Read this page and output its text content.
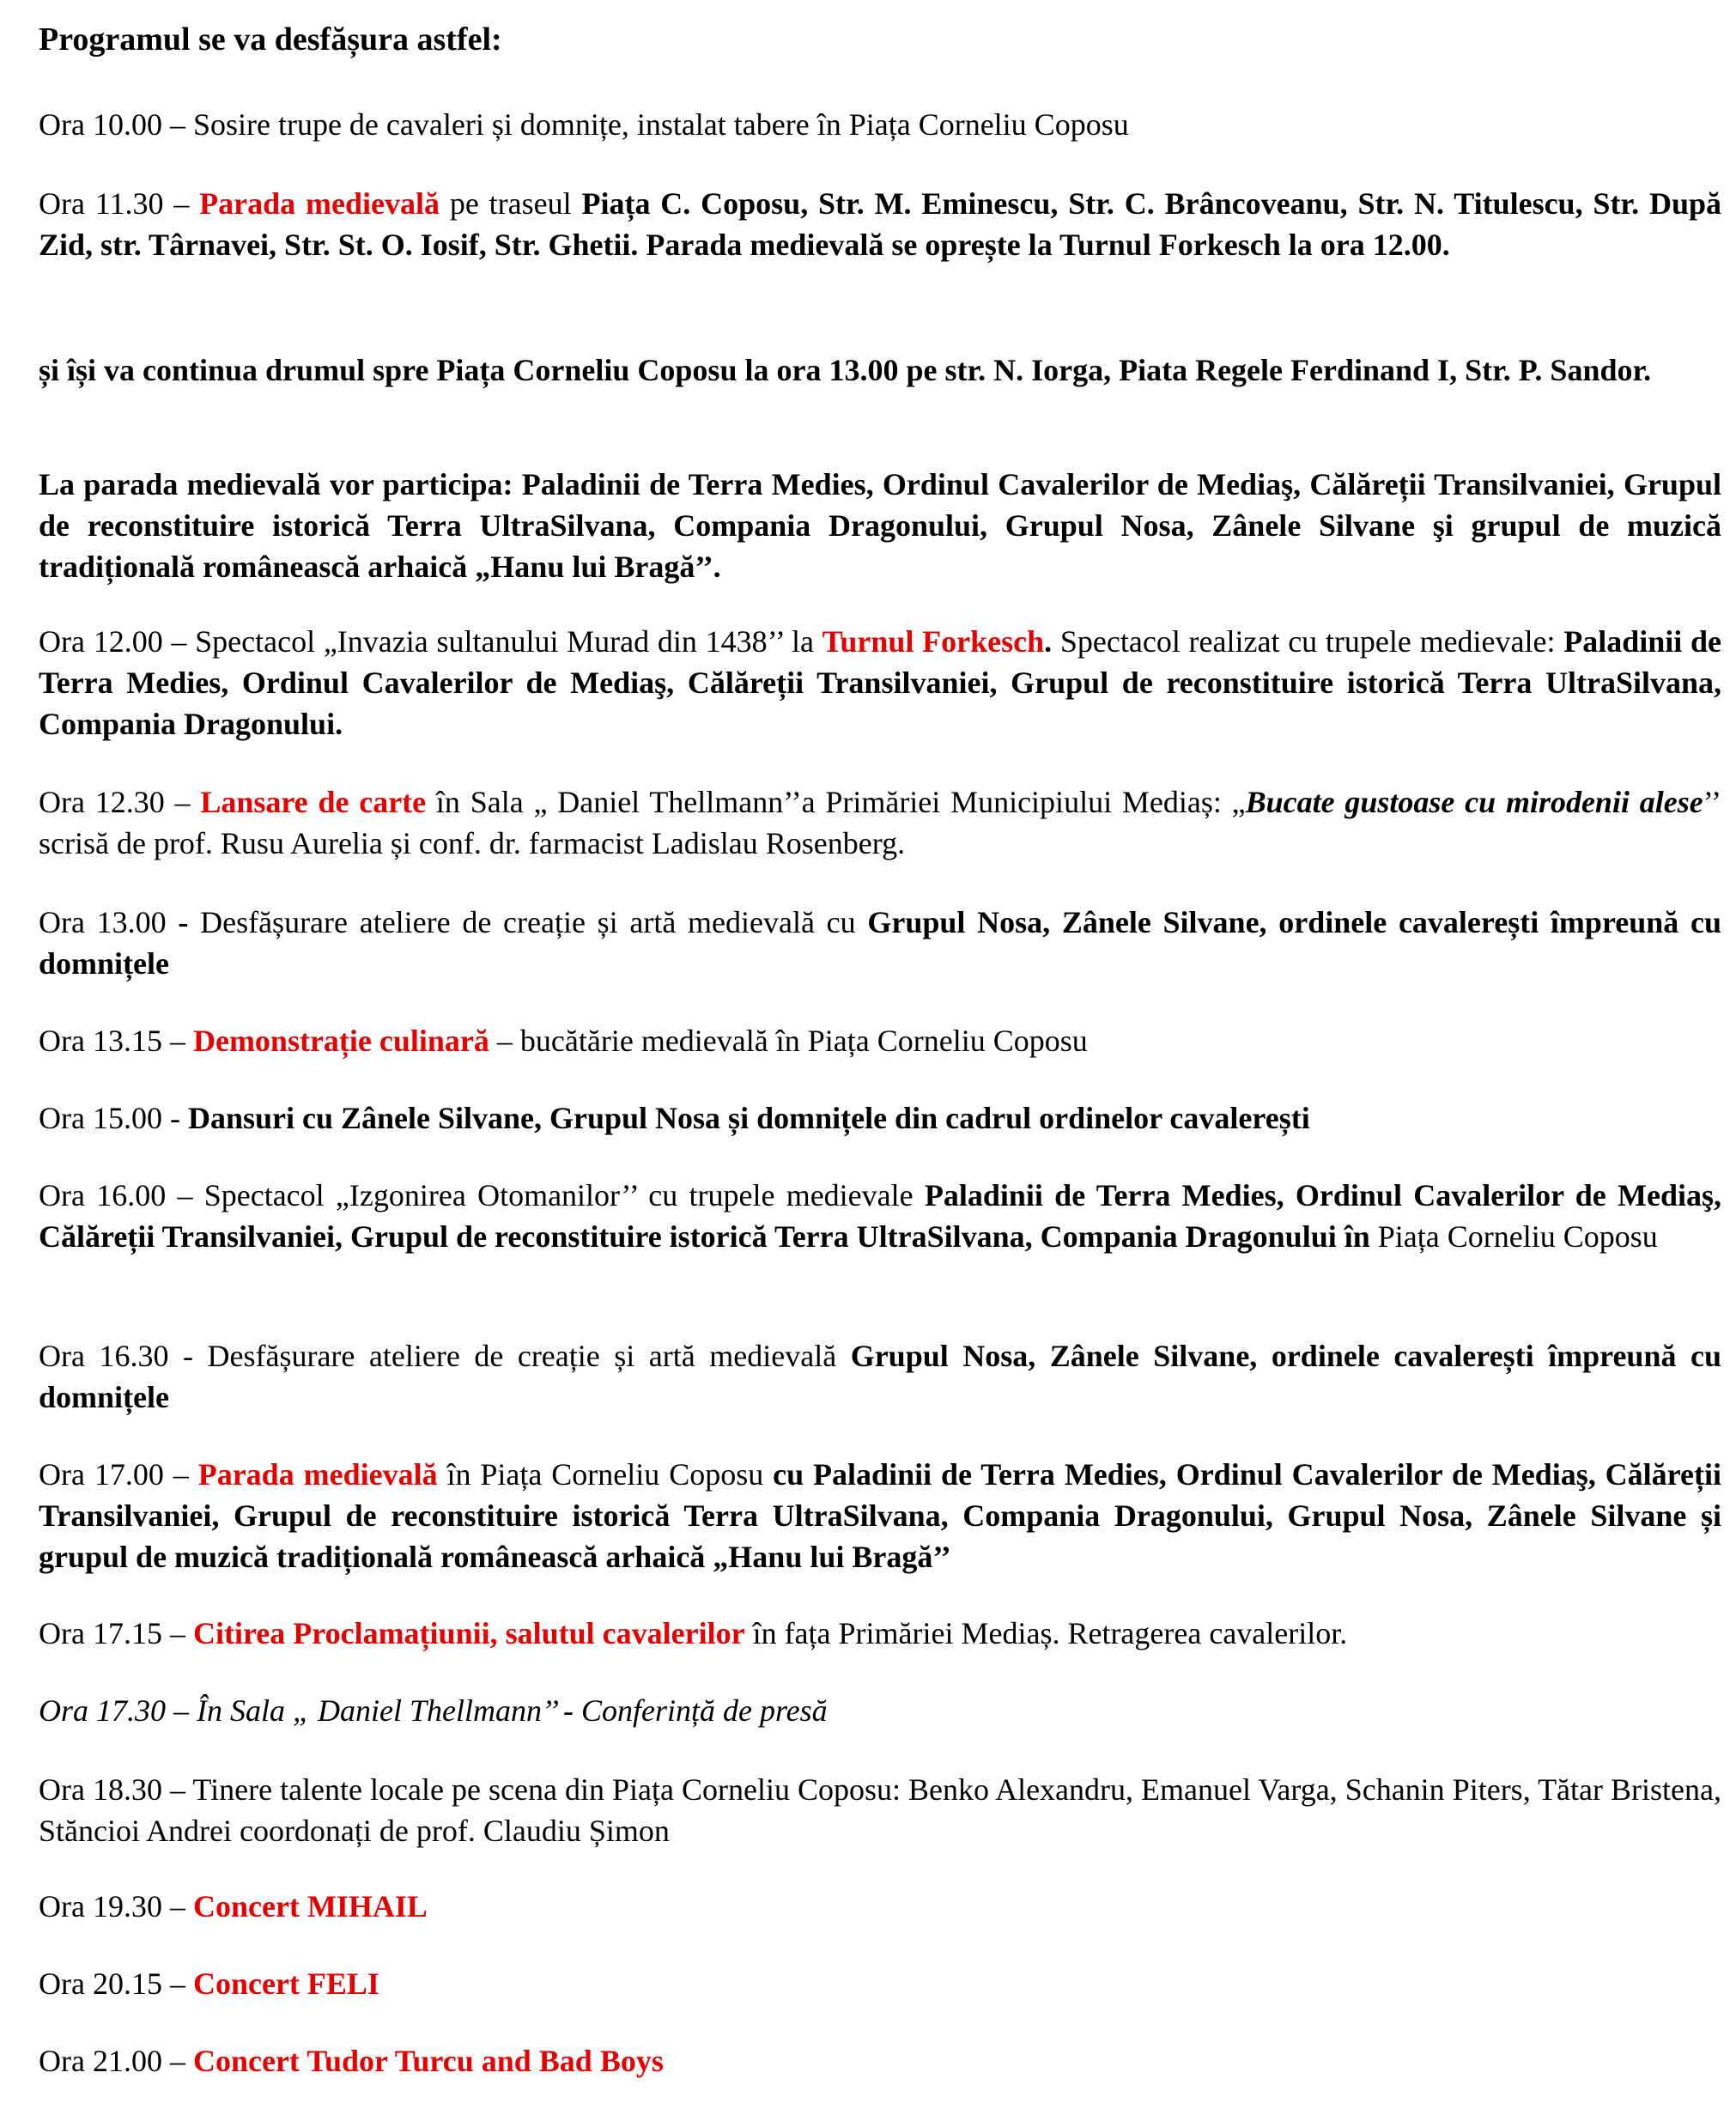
Programul se va desfășura astfel:

Ora 10.00 – Sosire trupe de cavaleri și domnițe, instalat tabere în Piața Corneliu Coposu

Ora 11.30 – Parada medievală pe traseul Piața C. Coposu, Str. M. Eminescu, Str. C. Brâncoveanu, Str. N. Titulescu, Str. După Zid, str. Târnavei, Str. St. O. Iosif, Str. Ghetii. Parada medievală se oprește la Turnul Forkesch la ora 12.00.

și își va continua drumul spre Piața Corneliu Coposu la ora 13.00 pe str. N. Iorga, Piata Regele Ferdinand I, Str. P. Sandor.

La parada medievală vor participa: Paladinii de Terra Medies, Ordinul Cavalerilor de Mediaş, Călăreții Transilvaniei, Grupul de reconstituire istorică Terra UltraSilvana, Compania Dragonului, Grupul Nosa, Zânele Silvane şi grupul de muzică tradițională românească arhaică „Hanu lui Bragă’’.

Ora 12.00 – Spectacol „Invazia sultanului Murad din 1438’’ la Turnul Forkesch. Spectacol realizat cu trupele medievale: Paladinii de Terra Medies, Ordinul Cavalerilor de Mediaş, Călăreții Transilvaniei, Grupul de reconstituire istorică Terra UltraSilvana, Compania Dragonului.

Ora 12.30 – Lansare de carte în Sala „ Daniel Thellmann’’a Primăriei Municipiului Mediaș: „Bucate gustoase cu mirodenii alese’’ scrisă de prof. Rusu Aurelia și conf. dr. farmacist Ladislau Rosenberg.

Ora 13.00 - Desfășurare ateliere de creație și artă medievală cu Grupul Nosa, Zânele Silvane, ordinele cavalerești împreună cu domnițele

Ora 13.15 – Demonstrație culinară – bucătărie medievală în Piața Corneliu Coposu

Ora 15.00 - Dansuri cu Zânele Silvane, Grupul Nosa și domnițele din cadrul ordinelor cavalerești

Ora 16.00 – Spectacol „Izgonirea Otomanilor’’ cu trupele medievale Paladinii de Terra Medies, Ordinul Cavalerilor de Mediaş, Călăreții Transilvaniei, Grupul de reconstituire istorică Terra UltraSilvana, Compania Dragonului în Piața Corneliu Coposu

Ora 16.30 - Desfășurare ateliere de creație și artă medievală Grupul Nosa, Zânele Silvane, ordinele cavalerești împreună cu domnițele

Ora 17.00 – Parada medievală în Piața Corneliu Coposu cu Paladinii de Terra Medies, Ordinul Cavalerilor de Mediaş, Călăreții Transilvaniei, Grupul de reconstituire istorică Terra UltraSilvana, Compania Dragonului, Grupul Nosa, Zânele Silvane și grupul de muzică tradițională românească arhaică „Hanu lui Bragă’’

Ora 17.15 – Citirea Proclamațiunii, salutul cavalerilor în fața Primăriei Mediaș. Retragerea cavalerilor.

Ora 17.30 – În Sala „ Daniel Thellmann’’ - Conferință de presă

Ora 18.30 – Tinere talente locale pe scena din Piața Corneliu Coposu: Benko Alexandru, Emanuel Varga, Schanin Piters, Tătar Bristena, Stăncioi Andrei coordonați de prof. Claudiu Șimon

Ora 19.30 – Concert MIHAIL

Ora 20.15 – Concert FELI

Ora 21.00 – Concert Tudor Turcu and Bad Boys
